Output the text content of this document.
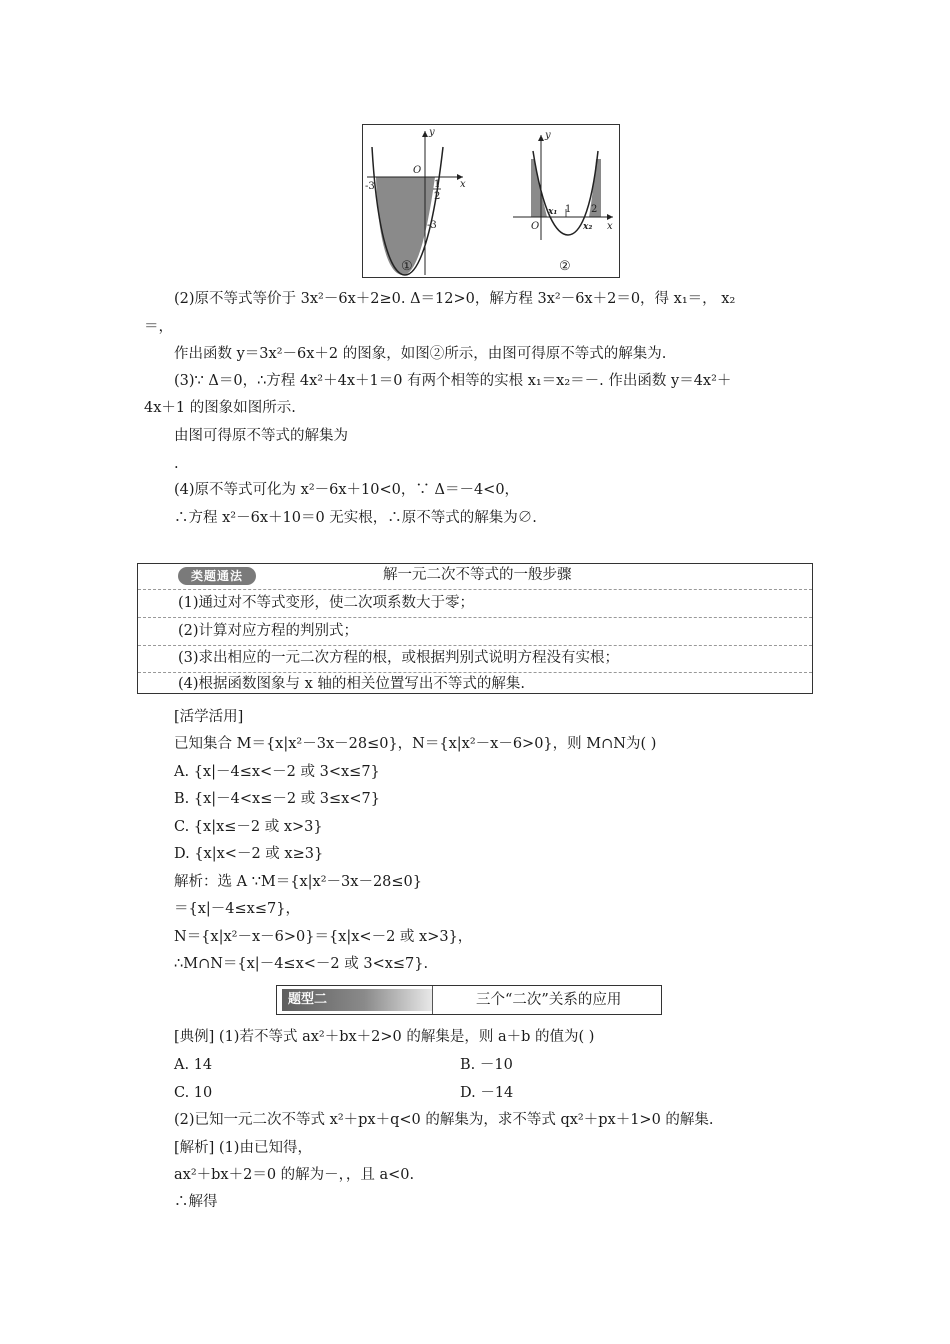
y
x
O
-3
-3
1
2
y
x
O
x₁ 1 2
x₂
①	②
(2)原不等式等价于 3x²－6x＋2≥0. Δ＝12>0，解方程 3x²－6x＋2＝0，得 x₁＝， x₂
＝，
作出函数 y＝3x²－6x＋2 的图象，如图②所示，由图可得原不等式的解集为.
(3)∵ Δ＝0，∴方程 4x²＋4x＋1＝0 有两个相等的实根 x₁＝x₂＝－. 作出函数 y＝4x²＋
4x＋1 的图象如图所示.
由图可得原不等式的解集为
.
(4)原不等式可化为 x²－6x＋10<0，∵ Δ＝－4<0，
∴方程 x²－6x＋10＝0 无实根，∴原不等式的解集为∅.
类题通法	解一元二次不等式的一般步骤
(1)通过对不等式变形，使二次项系数大于零；
(2)计算对应方程的判别式；
(3)求出相应的一元二次方程的根，或根据判别式说明方程没有实根；
(4)根据函数图象与 x 轴的相关位置写出不等式的解集.
[活学活用]
已知集合 M＝{x|x²－3x－28≤0}，N＝{x|x²－x－6>0}，则 M∩N为( )
A. {x|－4≤x<－2 或 3<x≤7}
B. {x|－4<x≤－2 或 3≤x<7}
C. {x|x≤－2 或 x>3}
D. {x|x<－2 或 x≥3}
解析：选 A ∵M＝{x|x²－3x－28≤0}
＝{x|－4≤x≤7}，
N＝{x|x²－x－6>0}＝{x|x<－2 或 x>3}，
∴M∩N＝{x|－4≤x<－2 或 3<x≤7}.
题型二	三个“二次”关系的应用
[典例] (1)若不等式 ax²＋bx＋2>0 的解集是，则 a＋b 的值为( )
A. 14	B. －10
C. 10	D. －14
(2)已知一元二次不等式 x²＋px＋q<0 的解集为，求不等式 qx²＋px＋1>0 的解集.
[解析] (1)由已知得，
ax²＋bx＋2＝0 的解为－，，且 a<0.
∴解得
